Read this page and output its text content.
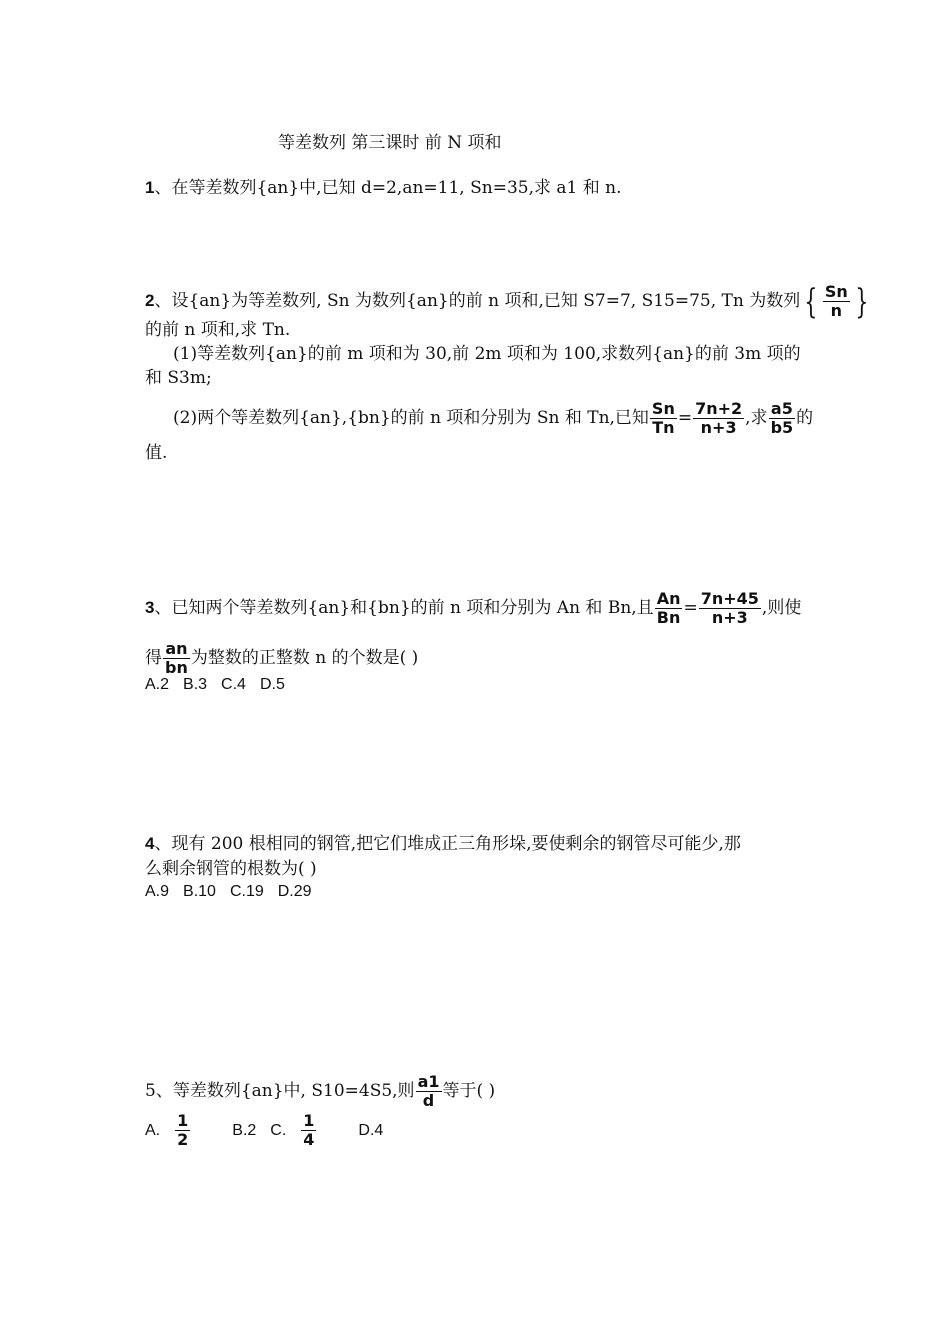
等差数列 第三课时 前 N 项和
1、在等差数列{an}中,已知 d=2,an=11, Sn=35,求 a1 和 n.
2、设{an}为等差数列, Sn 为数列{an}的前 n 项和,已知 S7=7, S15=75, Tn 为数列 { $\frac{Sn}{n}$ }
的前 n 项和,求 Tn.
(1)等差数列{an}的前 m 项和为 30,前 2m 项和为 100,求数列{an}的前 3m 项的
和 S3m;
(2)两个等差数列{an},{bn}的前 n 项和分别为 Sn 和 Tn,已知 $\frac{Sn}{Tn} = \frac{7n+2}{n+3}$ ,求 $\frac{a5}{b5}$ 的
值.
3、已知两个等差数列{an}和{bn}的前 n 项和分别为 An 和 Bn,且 $\frac{An}{Bn} = \frac{7n+45}{n+3}$ ,则使
得 $\frac{an}{bn}$ 为整数的正整数 n 的个数是( )
A.2 B.3 C.4 D.5
4、现有 200 根相同的钢管,把它们堆成正三角形垛,要使剩余的钢管尽可能少,那
么剩余钢管的根数为( )
A.9 B.10 C.19 D.29
5、等差数列{an}中, S10=4S5,则 $\frac{a1}{d}$ 等于( )
A. $\frac{1}{2} B.2$ C. $\frac{1}{4} D.4$
